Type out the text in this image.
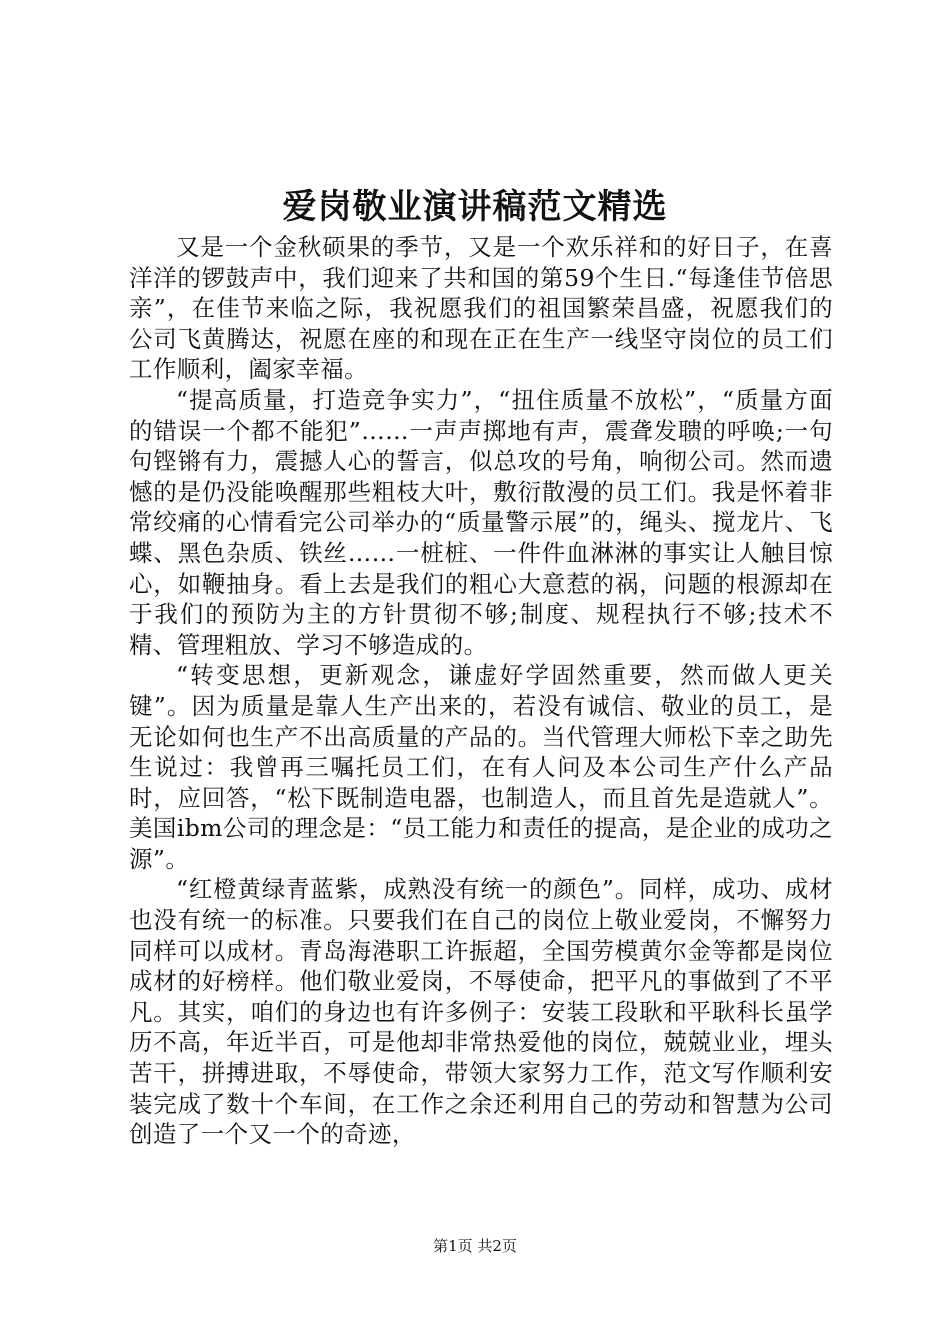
爱岗敬业演讲稿范文精选

又是一个金秋硕果的季节，又是一个欢乐祥和的好日子，在喜洋洋的锣鼓声中，我们迎来了共和国的第59个生日.“每逢佳节倍思亲”，在佳节来临之际，我祝愿我们的祖国繁荣昌盛，祝愿我们的公司飞黄腾达，祝愿在座的和现在正在生产一线坚守岗位的员工们工作顺利，阖家幸福。

“提高质量，打造竞争实力”，“扭住质量不放松”，“质量方面的错误一个都不能犯”……一声声掷地有声，震聋发聩的呼唤;一句句铿锵有力，震撼人心的誓言，似总攻的号角，响彻公司。然而遗憾的是仍没能唤醒那些粗枝大叶，敷衍散漫的员工们。我是怀着非常绞痛的心情看完公司举办的“质量警示展”的，绳头、搅龙片、飞蝶、黑色杂质、铁丝……一桩桩、一件件血淋淋的事实让人触目惊心，如鞭抽身。看上去是我们的粗心大意惹的祸，问题的根源却在于我们的预防为主的方针贯彻不够;制度、规程执行不够;技术不精、管理粗放、学习不够造成的。

“转变思想，更新观念，谦虚好学固然重要，然而做人更关键”。因为质量是靠人生产出来的，若没有诚信、敬业的员工，是无论如何也生产不出高质量的产品的。当代管理大师松下幸之助先生说过：我曾再三嘱托员工们，在有人问及本公司生产什么产品时，应回答，“松下既制造电器，也制造人，而且首先是造就人”。美国ibm公司的理念是：“员工能力和责任的提高，是企业的成功之源”。

“红橙黄绿青蓝紫，成熟没有统一的颜色”。同样，成功、成材也没有统一的标准。只要我们在自己的岗位上敬业爱岗，不懈努力同样可以成材。青岛海港职工许振超，全国劳模黄尔金等都是岗位成材的好榜样。他们敬业爱岗，不辱使命，把平凡的事做到了不平凡。其实，咱们的身边也有许多例子：安装工段耿和平耿科长虽学历不高，年近半百，可是他却非常热爱他的岗位，兢兢业业，埋头苦干，拼搏进取，不辱使命，带领大家努力工作，范文写作顺利安装完成了数十个车间，在工作之余还利用自己的劳动和智慧为公司创造了一个又一个的奇迹，

第1页 共2页
